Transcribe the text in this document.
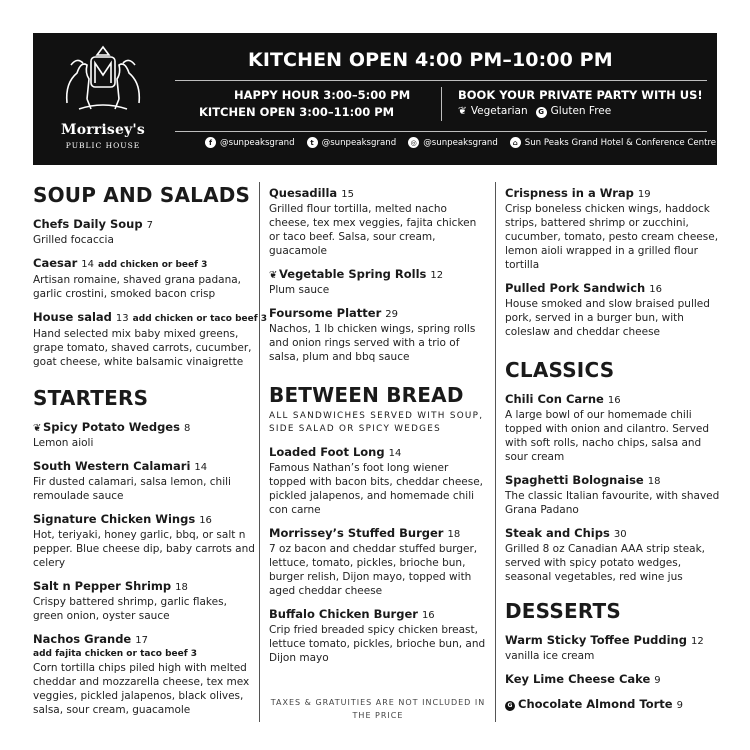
Morrisey's
PUBLIC HOUSE
KITCHEN OPEN 4:00 PM–10:00 PM
HAPPY HOUR 3:00–5:00 PM
KITCHEN OPEN 3:00–11:00 PM
BOOK YOUR PRIVATE PARTY WITH US!
❦ Vegetarian	G Gluten Free
f @sunpeaksgrand	t @sunpeaksgrand	◎ @sunpeaksgrand	⌂ Sun Peaks Grand Hotel & Conference Centre
SOUP AND SALADS
Chefs Daily Soup 7
Grilled focaccia
Caesar 14 add chicken or beef 3
Artisan romaine, shaved grana padana, garlic crostini, smoked bacon crisp
House salad 13 add chicken or taco beef 3
Hand selected mix baby mixed greens, grape tomato, shaved carrots, cucumber, goat cheese, white balsamic vinaigrette
STARTERS
❦ Spicy Potato Wedges 8
Lemon aioli
South Western Calamari 14
Fir dusted calamari, salsa lemon, chili remoulade sauce
Signature Chicken Wings 16
Hot, teriyaki, honey garlic, bbq, or salt n pepper. Blue cheese dip, baby carrots and celery
Salt n Pepper Shrimp 18
Crispy battered shrimp, garlic flakes, green onion, oyster sauce
Nachos Grande 17
add fajita chicken or taco beef 3
Corn tortilla chips piled high with melted cheddar and mozzarella cheese, tex mex veggies, pickled jalapenos, black olives, salsa, sour cream, guacamole
Quesadilla 15
Grilled flour tortilla, melted nacho cheese, tex mex veggies, fajita chicken or taco beef. Salsa, sour cream, guacamole
❦ Vegetable Spring Rolls 12
Plum sauce
Foursome Platter 29
Nachos, 1 lb chicken wings, spring rolls and onion rings served with a trio of salsa, plum and bbq sauce
BETWEEN BREAD
ALL SANDWICHES SERVED WITH SOUP, SIDE SALAD OR SPICY WEDGES
Loaded Foot Long 14
Famous Nathan’s foot long wiener topped with bacon bits, cheddar cheese, pickled jalapenos, and homemade chili con carne
Morrissey’s Stuffed Burger 18
7 oz bacon and cheddar stuffed burger, lettuce, tomato, pickles, brioche bun, burger relish, Dijon mayo, topped with aged cheddar cheese
Buffalo Chicken Burger 16
Crip fried breaded spicy chicken breast, lettuce tomato, pickles, brioche bun, and Dijon mayo
TAXES & GRATUITIES ARE NOT INCLUDED IN THE PRICE
Crispness in a Wrap 19
Crisp boneless chicken wings, haddock strips, battered shrimp or zucchini, cucumber, tomato, pesto cream cheese, lemon aioli wrapped in a grilled flour tortilla
Pulled Pork Sandwich 16
House smoked and slow braised pulled pork, served in a burger bun, with coleslaw and cheddar cheese
CLASSICS
Chili Con Carne 16
A large bowl of our homemade chili topped with onion and cilantro. Served with soft rolls, nacho chips, salsa and sour cream
Spaghetti Bolognaise 18
The classic Italian favourite, with shaved Grana Padano
Steak and Chips 30
Grilled 8 oz Canadian AAA strip steak, served with spicy potato wedges, seasonal vegetables, red wine jus
DESSERTS
Warm Sticky Toffee Pudding 12
vanilla ice cream
Key Lime Cheese Cake 9
G Chocolate Almond Torte 9
